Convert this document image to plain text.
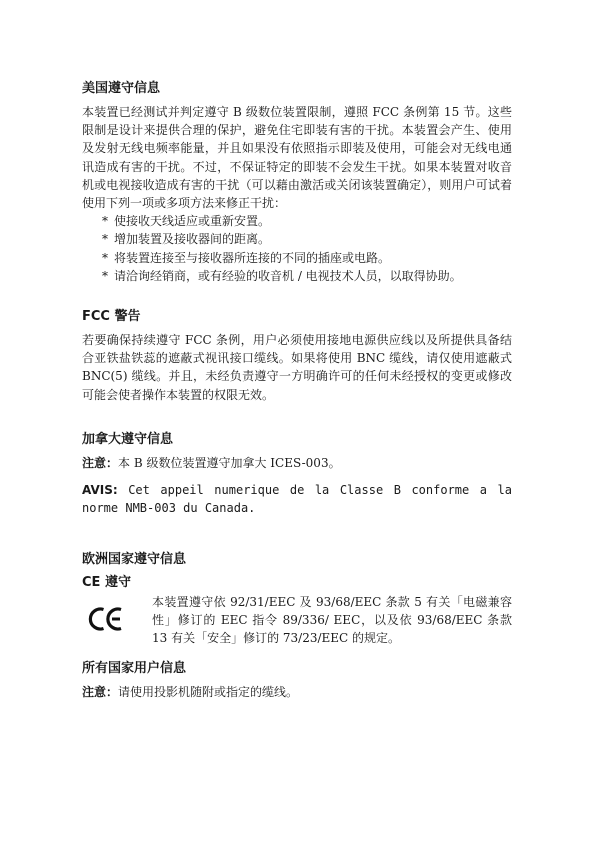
美国遵守信息

本装置已经测试并判定遵守 B 级数位装置限制，遵照 FCC 条例第 15 节。这些限制是设计来提供合理的保护，避免住宅即装有害的干扰。本装置会产生、使用及发射无线电频率能量，并且如果没有依照指示即装及使用，可能会对无线电通讯造成有害的干扰。不过，不保证特定的即装不会发生干扰。如果本装置对收音机或电视接收造成有害的干扰（可以藉由激活或关闭该装置确定），则用户可试着使用下列一项或多项方法来修正干扰：

* 使接收天线适应或重新安置。
* 增加装置及接收器间的距离。
* 将装置连接至与接收器所连接的不同的插座或电路。
* 请洽询经销商，或有经验的收音机 / 电视技术人员，以取得协助。
FCC 警告

若要确保持续遵守 FCC 条例，用户必须使用接地电源供应线以及所提供具备结合亚铁盐铁蕊的遮蔽式视讯接口缆线。如果将使用 BNC 缆线，请仅使用遮蔽式 BNC(5) 缆线。并且，未经负责遵守一方明确许可的任何未经授权的变更或修改可能会使者操作本装置的权限无效。

加拿大遵守信息

注意：本 B 级数位装置遵守加拿大 ICES-003。

AVIS: Cet appeil numerique de la Classe B conforme a la norme NMB-003 du Canada.

欧洲国家遵守信息
CE 遵守

本装置遵守依 92/31/EEC 及 93/68/EEC 条款 5 有关「电磁兼容性」修订的 EEC 指令 89/336/ EEC，以及依 93/68/EEC 条款 13 有关「安全」修订的 73/23/EEC 的规定。

所有国家用户信息

注意：请使用投影机随附或指定的缆线。
